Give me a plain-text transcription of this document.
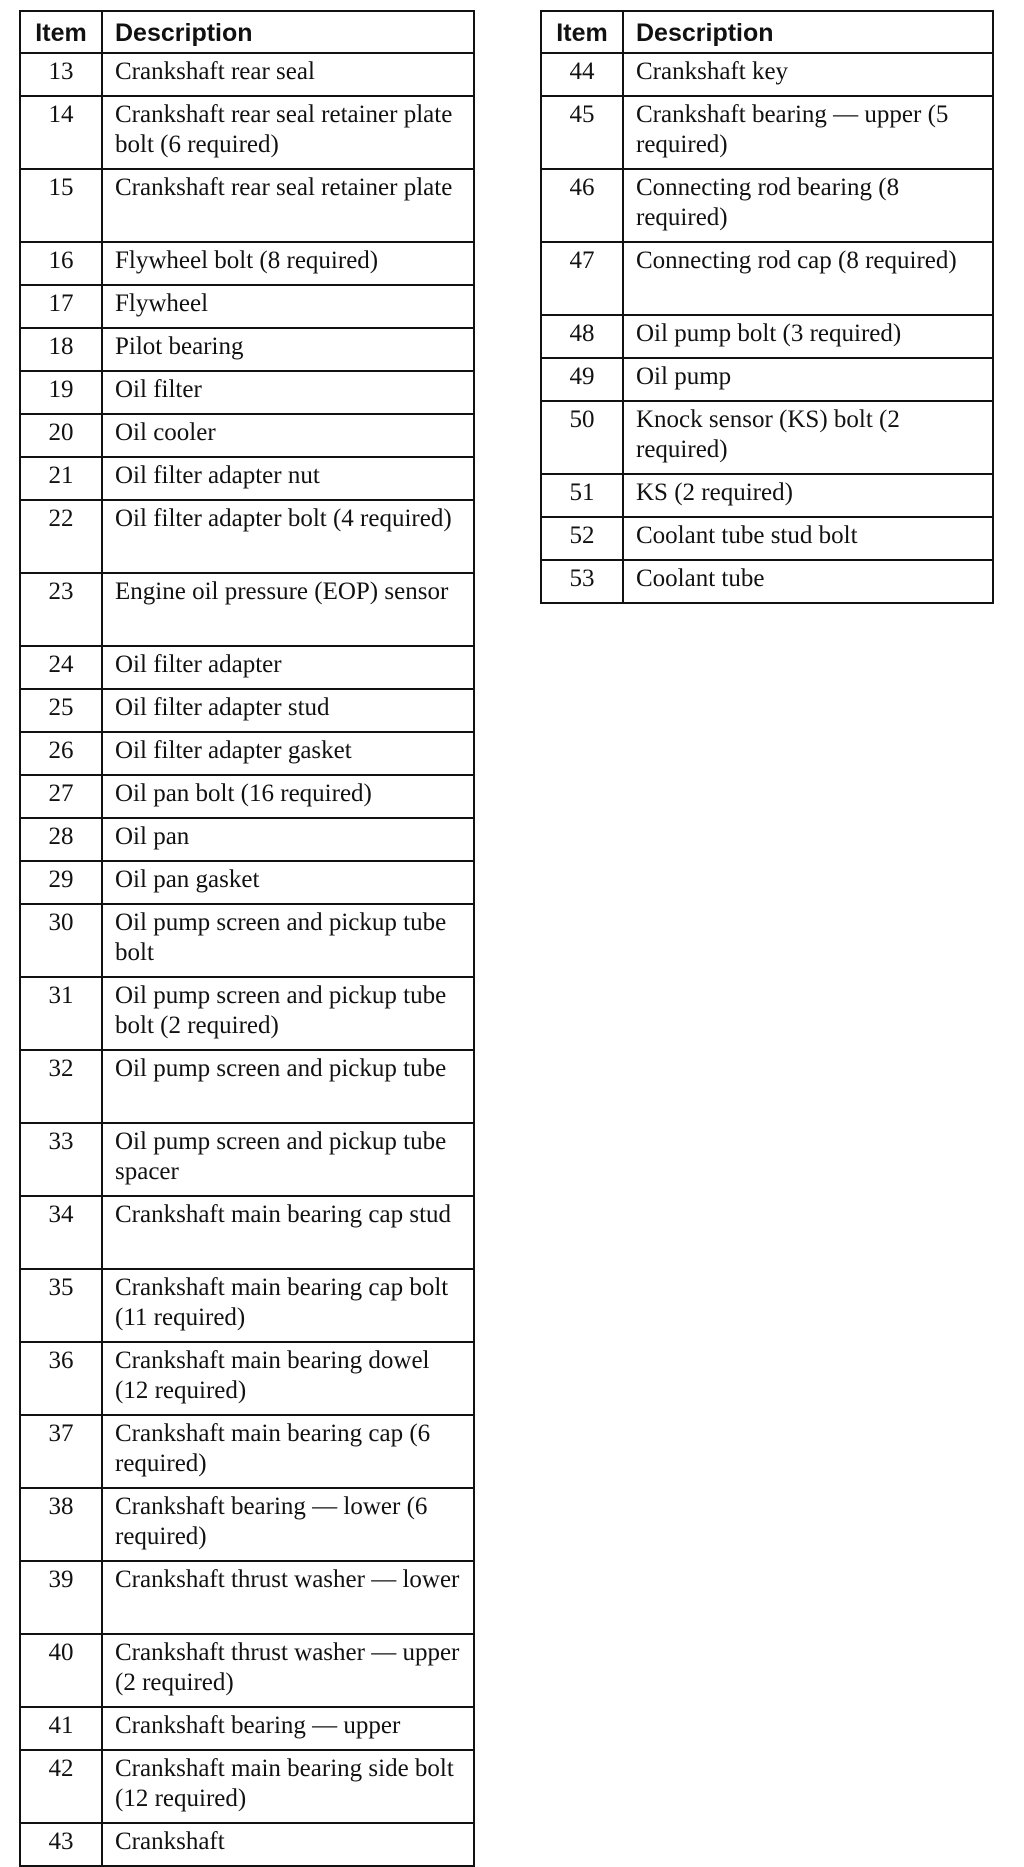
Item	Description
13	Crankshaft rear seal
14	Crankshaft rear seal retainer plate bolt (6 required)
15	Crankshaft rear seal retainer plate
16	Flywheel bolt (8 required)
17	Flywheel
18	Pilot bearing
19	Oil filter
20	Oil cooler
21	Oil filter adapter nut
22	Oil filter adapter bolt (4 required)
23	Engine oil pressure (EOP) sensor
24	Oil filter adapter
25	Oil filter adapter stud
26	Oil filter adapter gasket
27	Oil pan bolt (16 required)
28	Oil pan
29	Oil pan gasket
30	Oil pump screen and pickup tube bolt
31	Oil pump screen and pickup tube bolt (2 required)
32	Oil pump screen and pickup tube
33	Oil pump screen and pickup tube spacer
34	Crankshaft main bearing cap stud
35	Crankshaft main bearing cap bolt (11 required)
36	Crankshaft main bearing dowel (12 required)
37	Crankshaft main bearing cap (6 required)
38	Crankshaft bearing — lower (6 required)
39	Crankshaft thrust washer — lower
40	Crankshaft thrust washer — upper (2 required)
41	Crankshaft bearing — upper
42	Crankshaft main bearing side bolt (12 required)
43	Crankshaft
Item	Description
44	Crankshaft key
45	Crankshaft bearing — upper (5 required)
46	Connecting rod bearing (8 required)
47	Connecting rod cap (8 required)
48	Oil pump bolt (3 required)
49	Oil pump
50	Knock sensor (KS) bolt (2 required)
51	KS (2 required)
52	Coolant tube stud bolt
53	Coolant tube
